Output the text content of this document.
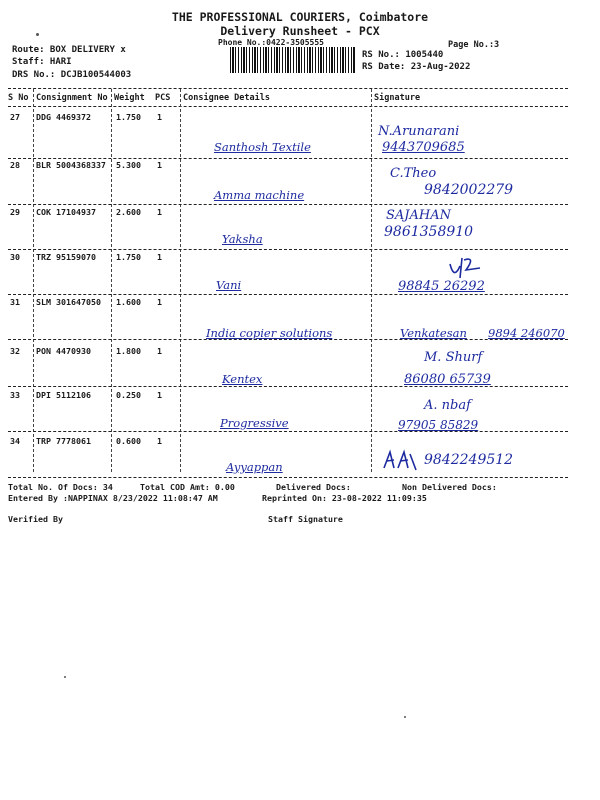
THE PROFESSIONAL COURIERS, Coimbatore
Delivery Runsheet - PCX
Phone No.:0422-3505555	Page No.:3
Route: BOX DELIVERY x
Staff: HARI
DRS No.: DCJB100544003
RS No.: 1005440
RS Date: 23-Aug-2022
S No Consignment No Weight PCS Consignee Details	Signature
27 DDG 4469372	1.750 1
Santhosh Textile
N.Arunarani
9443709685
28 BLR 5004368337 5.300 1
Amma machine
C.Theo
9842002279
29 COK 17104937 2.600 1
Yaksha
SAJAHAN
9861358910
30 TRZ 95159070 1.750 1
Vani	98845 26292
31 SLM 301647050 1.600 1
India copier solutions	Venkatesan 9894 246070
32 PON 4470930	1.800 1
Kentex
M. Shurf
86080 65739
33 DPI 5112106	0.250 1
Progressive
A. nbaf
97905 85829
34 TRP 7778061	0.600 1
Ayyappan	9842249512
Total No. Of Docs: 34	Total COD Amt: 0.00	Delivered Docs:	Non Delivered Docs:
Entered By :NAPPINAX 8/23/2022 11:08:47 AM	Reprinted On: 23-08-2022 11:09:35
Verified By	Staff Signature
